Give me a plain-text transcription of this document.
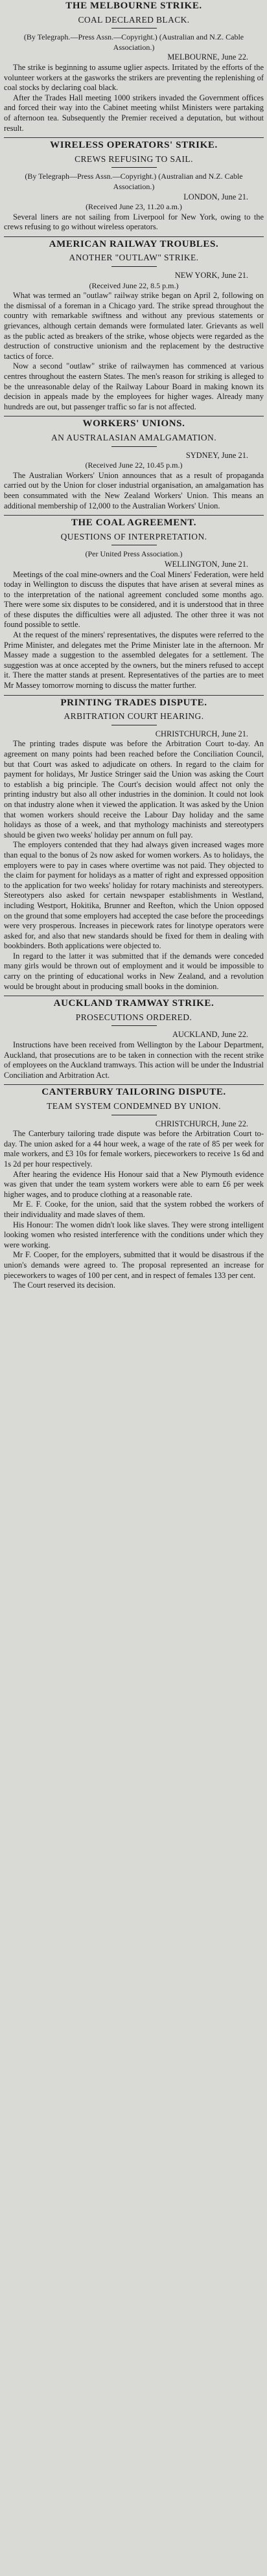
THE MELBOURNE STRIKE.
COAL DECLARED BLACK.

(By Telegraph.—Press Assn.—Copyright.) (Australian and N.Z. Cable Association.)

MELBOURNE, June 22.

The strike is beginning to assume uglier aspects. Irritated by the efforts of the volunteer workers at the gasworks the strikers are preventing the replenishing of coal stocks by declaring coal black.

After the Trades Hall meeting 1000 strikers invaded the Government offices and forced their way into the Cabinet meeting whilst Ministers were partaking of afternoon tea. Subsequently the Premier received a deputation, but without result.

WIRELESS OPERATORS' STRIKE.
CREWS REFUSING TO SAIL.

(By Telegraph—Press Assn.—Copyright.) (Australian and N.Z. Cable Association.)

LONDON, June 21.

(Received June 23, 11.20 a.m.)

Several liners are not sailing from Liverpool for New York, owing to the crews refusing to go without wireless operators.

AMERICAN RAILWAY TROUBLES.
ANOTHER "OUTLAW" STRIKE.

NEW YORK, June 21.

(Received June 22, 8.5 p.m.)

What was termed an "outlaw" railway strike began on April 2, following on the dismissal of a foreman in a Chicago yard. The strike spread throughout the country with remarkable swiftness and without any previous statements or grievances, although certain demands were formulated later. Grievants as well as the public acted as breakers of the strike, whose objects were regarded as the destruction of constructive unionism and the replacement by the destructive tactics of force.

Now a second "outlaw" strike of railwaymen has commenced at various centres throughout the eastern States. The men's reason for striking is alleged to be the unreasonable delay of the Railway Labour Board in making known its decision in appeals made by the employees for higher wages. Already many hundreds are out, but passenger traffic so far is not affected.

WORKERS' UNIONS.
AN AUSTRALASIAN AMALGAMATION.

SYDNEY, June 21.

(Received June 22, 10.45 p.m.)

The Australian Workers' Union announces that as a result of propaganda carried out by the Union for closer industrial organisation, an amalgamation has been consummated with the New Zealand Workers' Union. This means an additional membership of 12,000 to the Australian Workers' Union.

THE COAL AGREEMENT.
QUESTIONS OF INTERPRETATION.

(Per United Press Association.)

WELLINGTON, June 21.

Meetings of the coal mine-owners and the Coal Miners' Federation, were held today in Wellington to discuss the disputes that have arisen at several mines as to the interpretation of the national agreement concluded some months ago. There were some six disputes to be considered, and it is understood that in three of these disputes the difficulties were all adjusted. The other three it was not found possible to settle.

At the request of the miners' representatives, the disputes were referred to the Prime Minister, and delegates met the Prime Minister late in the afternoon. Mr Massey made a suggestion to the assembled delegates for a settlement. The suggestion was at once accepted by the owners, but the miners refused to accept it. There the matter stands at present. Representatives of the parties are to meet Mr Massey tomorrow morning to discuss the matter further.

PRINTING TRADES DISPUTE.
ARBITRATION COURT HEARING.

CHRISTCHURCH, June 21.

The printing trades dispute was before the Arbitration Court to-day. An agreement on many points had been reached before the Conciliation Council, but that Court was asked to adjudicate on others. In regard to the claim for payment for holidays, Mr Justice Stringer said the Union was asking the Court to establish a big principle. The Court's decision would affect not only the printing industry but also all other industries in the dominion. It could not look on that industry alone when it viewed the application. It was asked by the Union that women workers should receive the Labour Day holiday and the same holidays as those of a week, and that mythology machinists and stereotypers should be given two weeks' holiday per annum on full pay.

The employers contended that they had always given increased wages more than equal to the bonus of 2s now asked for women workers. As to holidays, the employers were to pay in cases where overtime was not paid. They objected to the claim for payment for holidays as a matter of right and expressed opposition to the application for two weeks' holiday for rotary machinists and stereotypers. Stereotypers also asked for certain newspaper establishments in Westland, including Westport, Hokitika, Brunner and Reefton, which the Union opposed on the ground that some employers had accepted the case before the proceedings were very prosperous. Increases in piecework rates for linotype operators were asked for, and also that new standards should be fixed for them in dealing with bookbinders. Both applications were objected to.

In regard to the latter it was submitted that if the demands were conceded many girls would be thrown out of employment and it would be impossible to carry on the printing of educational works in New Zealand, and a revolution would be brought about in producing small books in the dominion.

AUCKLAND TRAMWAY STRIKE.
PROSECUTIONS ORDERED.

AUCKLAND, June 22.

Instructions have been received from Wellington by the Labour Department, Auckland, that prosecutions are to be taken in connection with the recent strike of employees on the Auckland tramways. This action will be under the Industrial Conciliation and Arbitration Act.

CANTERBURY TAILORING DISPUTE.
TEAM SYSTEM CONDEMNED BY UNION.

CHRISTCHURCH, June 22.

The Canterbury tailoring trade dispute was before the Arbitration Court to-day. The union asked for a 44 hour week, a wage of the rate of 85 per week for male workers, and £3 10s for female workers, pieceworkers to receive 1s 6d and 1s 2d per hour respectively.

After hearing the evidence His Honour said that a New Plymouth evidence was given that under the team system workers were able to earn £6 per week higher wages, and to produce clothing at a reasonable rate.

Mr E. F. Cooke, for the union, said that the system robbed the workers of their individuality and made slaves of them.

His Honour: The women didn't look like slaves. They were strong intelligent looking women who resisted interference with the conditions under which they were working.

Mr F. Cooper, for the employers, submitted that it would be disastrous if the union's demands were agreed to. The proposal represented an increase for pieceworkers to wages of 100 per cent, and in respect of females 133 per cent.

The Court reserved its decision.
